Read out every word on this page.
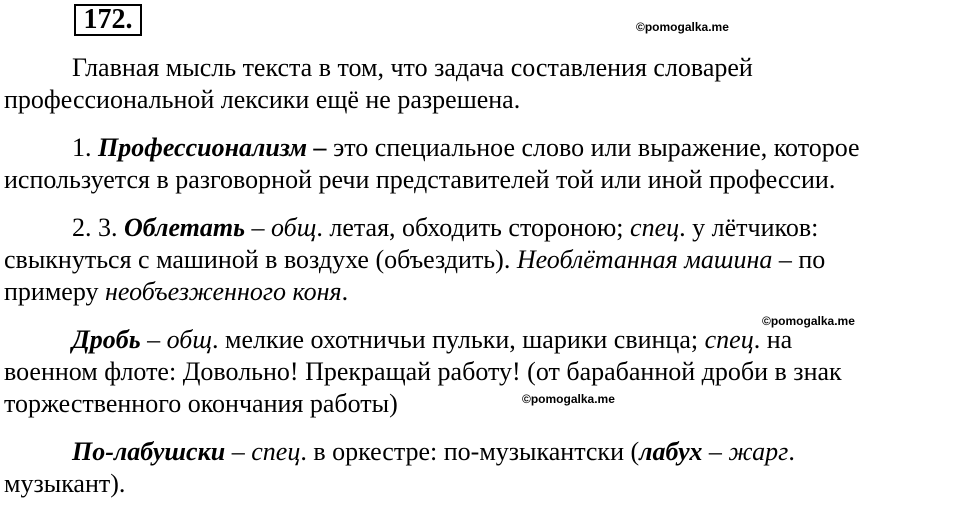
172.	©pomogalka.me
©pomogalka.me
©pomogalka.me
Главная мысль текста в том, что задача составления словарей
профессиональной лексики ещё не разрешена.
1. Профессионализм – это специальное слово или выражение, которое
используется в разговорной речи представителей той или иной профессии.
2. 3. Облетать – общ. летая, обходить стороною; спец. у лётчиков:
свыкнуться с машиной в воздухе (объездить). Необлётанная машина – по
примеру необъезженного коня.
Дробь – общ. мелкие охотничьи пульки, шарики свинца; спец. на
военном флоте: Довольно! Прекращай работу! (от барабанной дроби в знак
торжественного окончания работы)
По-лабушски – спец. в оркестре: по-музыкантски (лабух – жарг.
музыкант).
